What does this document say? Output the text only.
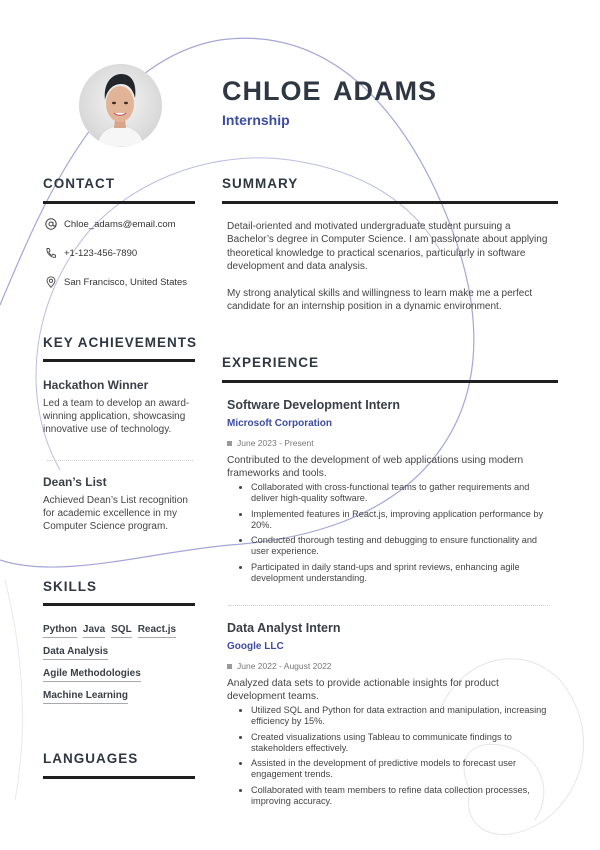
CHLOE ADAMS
Internship
CONTACT
Chloe_adams@email.com
+1-123-456-7890
San Francisco, United States
KEY ACHIEVEMENTS
Hackathon Winner
Led a team to develop an award-winning application, showcasing innovative use of technology.
Dean’s List
Achieved Dean’s List recognition for academic excellence in my Computer Science program.
SKILLS
Python Java SQL React.js
Data Analysis
Agile Methodologies
Machine Learning
LANGUAGES
SUMMARY

Detail-oriented and motivated undergraduate student pursuing a Bachelor’s degree in Computer Science. I am passionate about applying theoretical knowledge to practical scenarios, particularly in software development and data analysis.

My strong analytical skills and willingness to learn make me a perfect candidate for an internship position in a dynamic environment.

EXPERIENCE
Software Development Intern
Microsoft Corporation
June 2023 - Present
Contributed to the development of web applications using modern frameworks and tools.
• Collaborated with cross-functional teams to gather requirements and deliver high-quality software.
• Implemented features in React.js, improving application performance by 20%.
• Conducted thorough testing and debugging to ensure functionality and user experience.
• Participated in daily stand-ups and sprint reviews, enhancing agile development understanding.
Data Analyst Intern
Google LLC
June 2022 - August 2022
Analyzed data sets to provide actionable insights for product development teams.
• Utilized SQL and Python for data extraction and manipulation, increasing efficiency by 15%.
• Created visualizations using Tableau to communicate findings to stakeholders effectively.
• Assisted in the development of predictive models to forecast user engagement trends.
• Collaborated with team members to refine data collection processes, improving accuracy.
